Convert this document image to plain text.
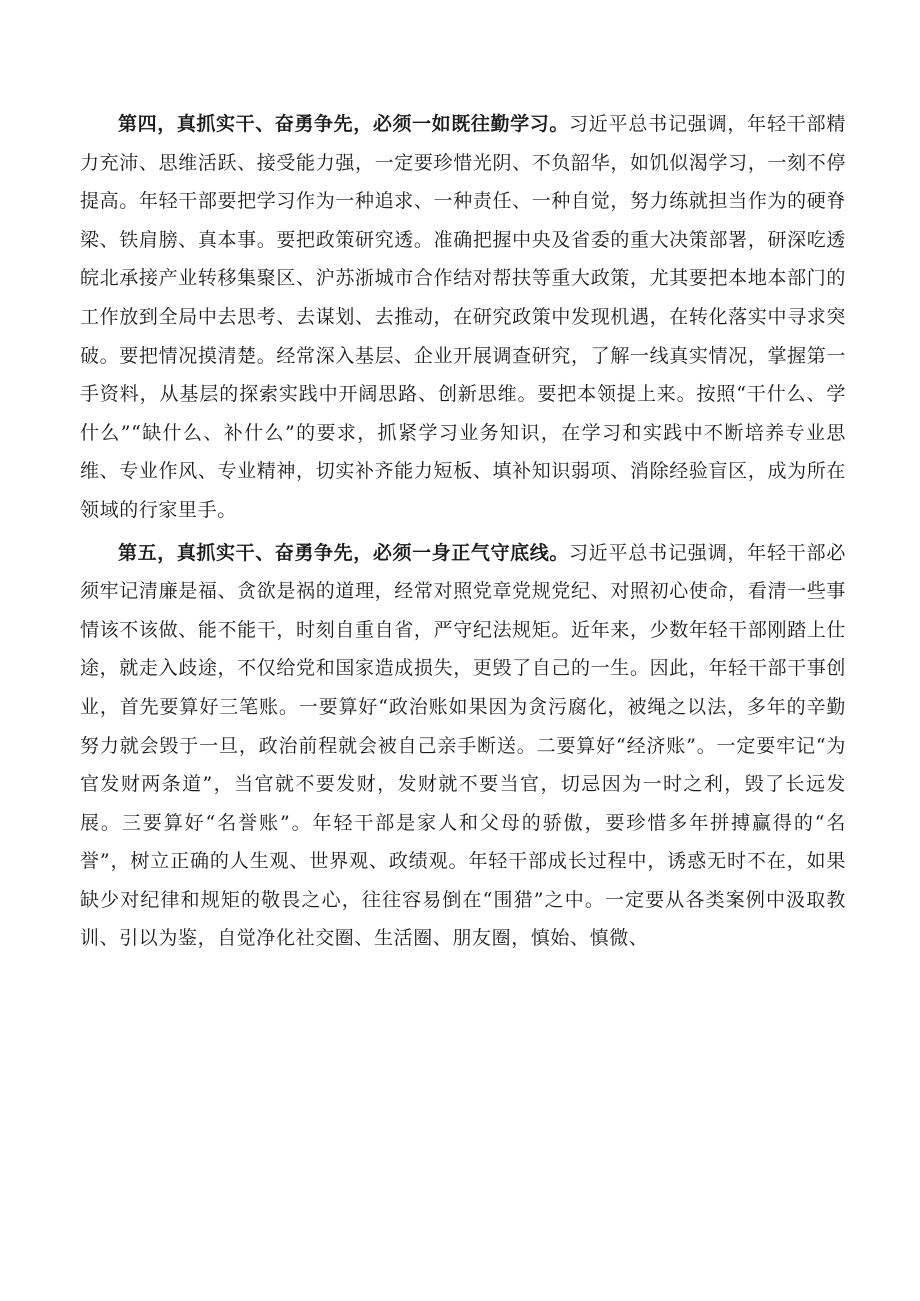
第四，真抓实干、奋勇争先，必须一如既往勤学习。习近平总书记强调，年轻干部精力充沛、思维活跃、接受能力强，一定要珍惜光阴、不负韶华，如饥似渴学习，一刻不停提高。年轻干部要把学习作为一种追求、一种责任、一种自觉，努力练就担当作为的硬脊梁、铁肩膀、真本事。要把政策研究透。准确把握中央及省委的重大决策部署，研深吃透皖北承接产业转移集聚区、沪苏浙城市合作结对帮扶等重大政策，尤其要把本地本部门的工作放到全局中去思考、去谋划、去推动，在研究政策中发现机遇，在转化落实中寻求突破。要把情况摸清楚。经常深入基层、企业开展调查研究，了解一线真实情况，掌握第一手资料，从基层的探索实践中开阔思路、创新思维。要把本领提上来。按照“干什么、学什么”“缺什么、补什么”的要求，抓紧学习业务知识，在学习和实践中不断培养专业思维、专业作风、专业精神，切实补齐能力短板、填补知识弱项、消除经验盲区，成为所在领域的行家里手。

第五，真抓实干、奋勇争先，必须一身正气守底线。习近平总书记强调，年轻干部必须牢记清廉是福、贪欲是祸的道理，经常对照党章党规党纪、对照初心使命，看清一些事情该不该做、能不能干，时刻自重自省，严守纪法规矩。近年来，少数年轻干部刚踏上仕途，就走入歧途，不仅给党和国家造成损失，更毁了自己的一生。因此，年轻干部干事创业，首先要算好三笔账。一要算好“政治账如果因为贪污腐化，被绳之以法，多年的辛勤努力就会毁于一旦，政治前程就会被自己亲手断送。二要算好“经济账”。一定要牢记“为官发财两条道”，当官就不要发财，发财就不要当官，切忌因为一时之利，毁了长远发展。三要算好“名誉账”。年轻干部是家人和父母的骄傲，要珍惜多年拼搏赢得的“名誉”，树立正确的人生观、世界观、政绩观。年轻干部成长过程中，诱惑无时不在，如果缺少对纪律和规矩的敬畏之心，往往容易倒在“围猎”之中。一定要从各类案例中汲取教训、引以为鉴，自觉净化社交圈、生活圈、朋友圈，慎始、慎微、
